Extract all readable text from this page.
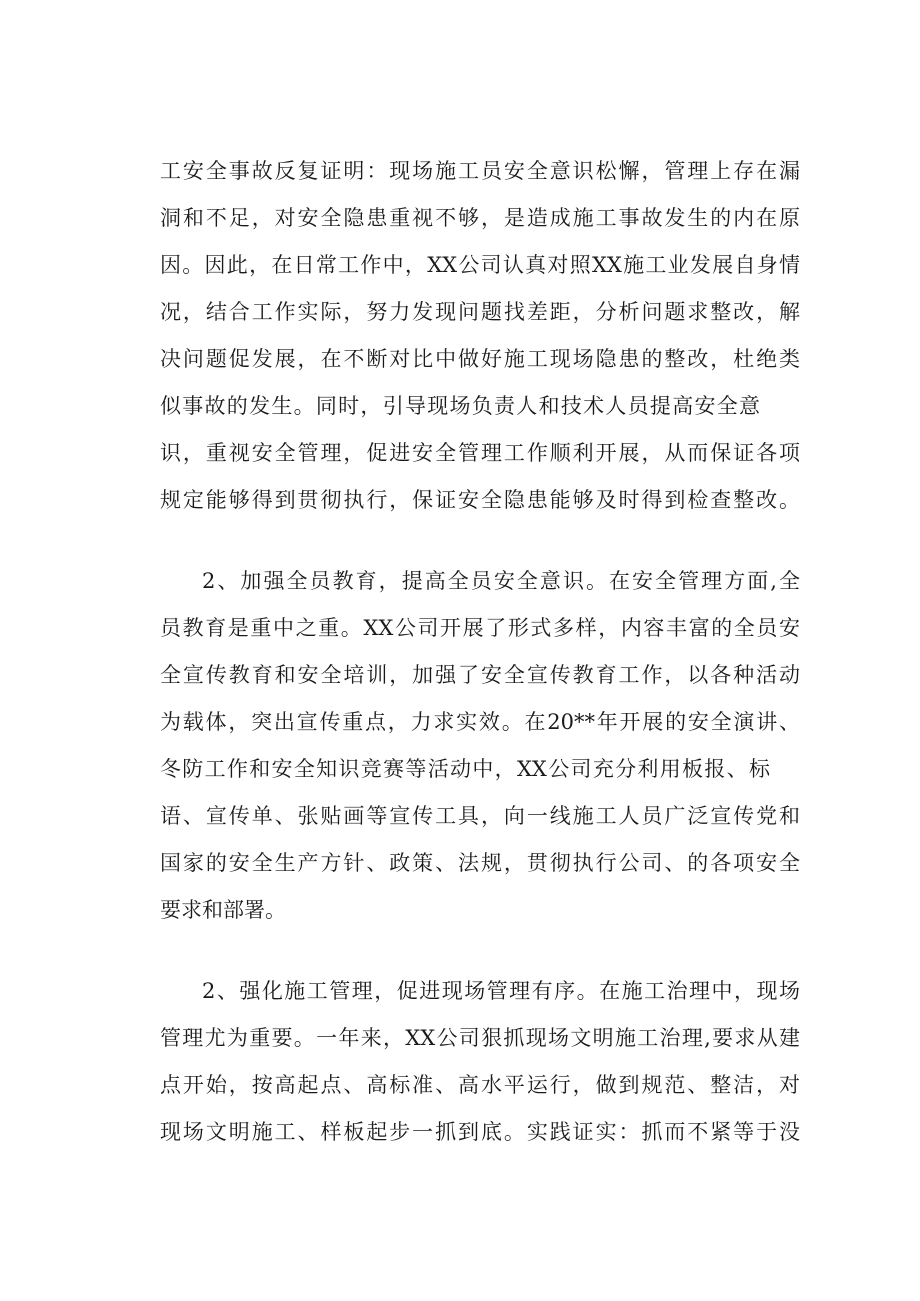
工安全事故反复证明：现场施工员安全意识松懈，管理上存在漏
洞和不足，对安全隐患重视不够，是造成施工事故发生的内在原
因。因此，在日常工作中，XX公司认真对照XX施工业发展自身情
况，结合工作实际，努力发现问题找差距，分析问题求整改，解
决问题促发展，在不断对比中做好施工现场隐患的整改，杜绝类
似事故的发生。同时，引导现场负责人和技术人员提高安全意
识，重视安全管理，促进安全管理工作顺利开展，从而保证各项
规定能够得到贯彻执行，保证安全隐患能够及时得到检查整改。
2、加强全员教育，提高全员安全意识。在安全管理方面,全
员教育是重中之重。XX公司开展了形式多样，内容丰富的全员安
全宣传教育和安全培训，加强了安全宣传教育工作，以各种活动
为载体，突出宣传重点，力求实效。在20**年开展的安全演讲、
冬防工作和安全知识竞赛等活动中，XX公司充分利用板报、标
语、宣传单、张贴画等宣传工具，向一线施工人员广泛宣传党和
国家的安全生产方针、政策、法规，贯彻执行公司、的各项安全
要求和部署。
2、强化施工管理，促进现场管理有序。在施工治理中，现场
管理尤为重要。一年来，XX公司狠抓现场文明施工治理,要求从建
点开始，按高起点、高标准、高水平运行，做到规范、整洁，对
现场文明施工、样板起步一抓到底。实践证实：抓而不紧等于没
